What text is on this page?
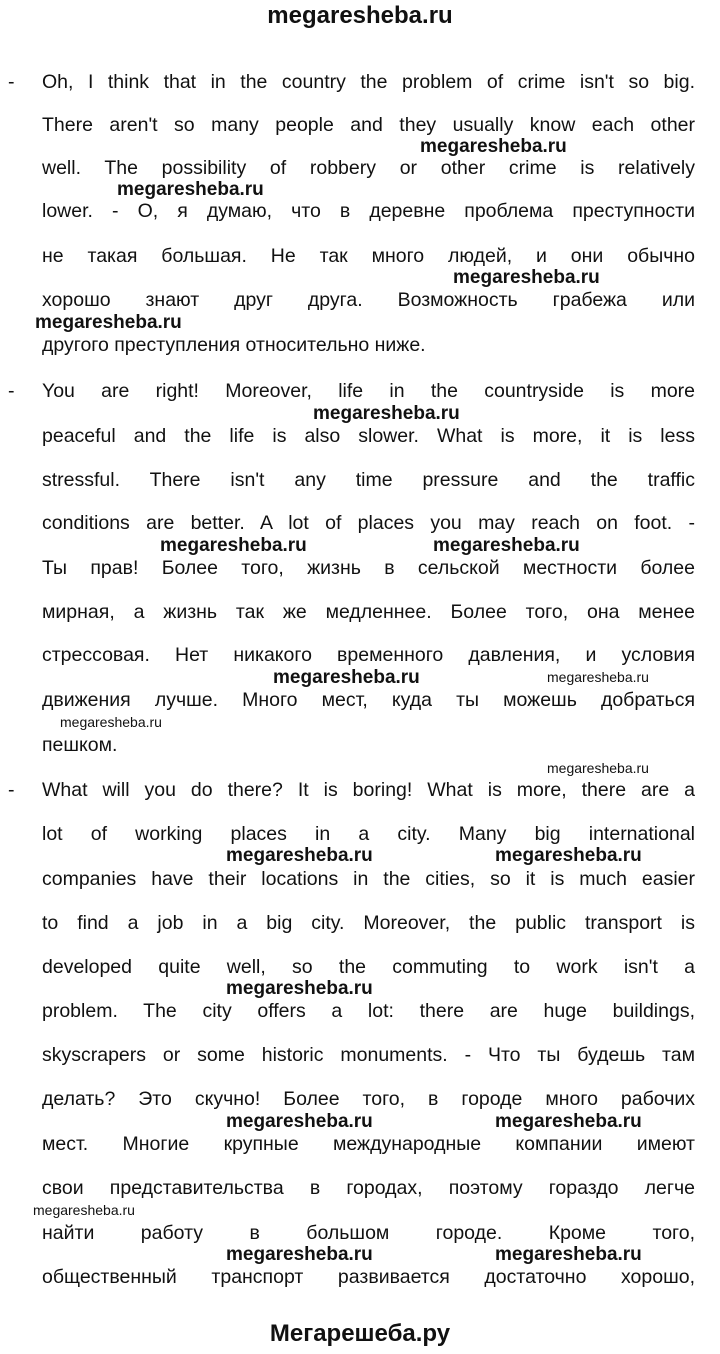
megaresheba.ru
- Oh, I think that in the country the problem of crime isn't so big.
There aren't so many people and they usually know each other
well. The possibility of robbery or other crime is relatively
lower. - О, я думаю, что в деревне проблема преступности
не такая большая. Не так много людей, и они обычно
хорошо знают друг друга. Возможность грабежа или
другого преступления относительно ниже.
- You are right! Moreover, life in the countryside is more
peaceful and the life is also slower. What is more, it is less
stressful. There isn't any time pressure and the traffic
conditions are better. A lot of places you may reach on foot. -
Ты прав! Более того, жизнь в сельской местности более
мирная, а жизнь так же медленнее. Более того, она менее
стрессовая. Нет никакого временного давления, и условия
движения лучше. Много мест, куда ты можешь добраться
пешком.
- What will you do there? It is boring! What is more, there are a
lot of working places in a city. Many big international
companies have their locations in the cities, so it is much easier
to find a job in a big city. Moreover, the public transport is
developed quite well, so the commuting to work isn't a
problem. The city offers a lot: there are huge buildings,
skyscrapers or some historic monuments. - Что ты будешь там
делать? Это скучно! Более того, в городе много рабочих
мест. Многие крупные международные компании имеют
свои представительства в городах, поэтому гораздо легче
найти работу в большом городе. Кроме того,
общественный транспорт развивается достаточно хорошо,
megaresheba.ru
megaresheba.ru
megaresheba.ru
megaresheba.ru
megaresheba.ru
megaresheba.ru	megaresheba.ru
megaresheba.ru	megaresheba.ru
megaresheba.ru
megaresheba.ru
megaresheba.ru	megaresheba.ru
megaresheba.ru
megaresheba.ru	megaresheba.ru
megaresheba.ru
megaresheba.ru	megaresheba.ru
Мегарешеба.ру
